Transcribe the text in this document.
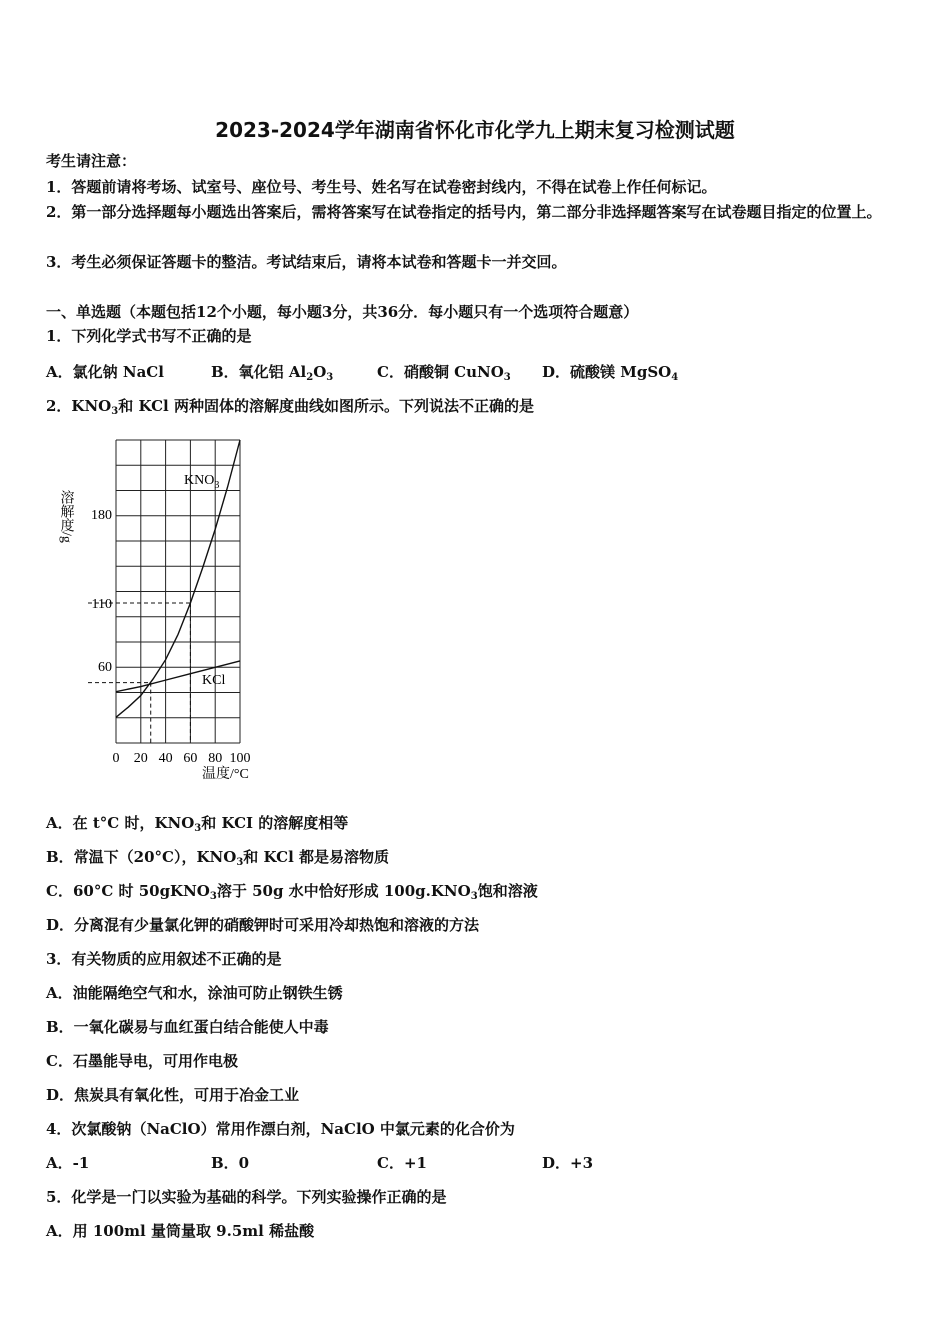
2023-2024学年湖南省怀化市化学九上期末复习检测试题
考生请注意：
1．答题前请将考场、试室号、座位号、考生号、姓名写在试卷密封线内，不得在试卷上作任何标记。
2．第一部分选择题每小题选出答案后，需将答案写在试卷指定的括号内，第二部分非选择题答案写在试卷题目指定的位置上。
3．考生必须保证答题卡的整洁。考试结束后，请将本试卷和答题卡一并交回。
一、单选题（本题包括12个小题，每小题3分，共36分．每小题只有一个选项符合题意）
1．下列化学式书写不正确的是
A．氯化钠 NaCl	B．氧化铝 $Al_2O_3$	C．硝酸铜 CuNO$_3$ D．硫酸镁 MgSO$_4$
2．$KNO_3$和 KCl 两种固体的溶解度曲线如图所示。下列说法不正确的是
0 20 40 60 80 100
60
110
180
溶解度/g
温度/°C
$KNO_3$
KCl
A．在 t°C 时，$KNO_3$和 KCI 的溶解度相等
B．常温下（20°C），$KNO_3$和 KCl 都是易溶物质
C．60°C 时 50gKNO$_3$溶于 50g 水中恰好形成 $100g.KNO_3$饱和溶液
D．分离混有少量氯化钾的硝酸钾时可采用冷却热饱和溶液的方法
3．有关物质的应用叙述不正确的是
A．油能隔绝空气和水，涂油可防止钢铁生锈
B．一氧化碳易与血红蛋白结合能使人中毒
C．石墨能导电，可用作电极
D．焦炭具有氧化性，可用于冶金工业
4．次氯酸钠（NaClO）常用作漂白剂，NaClO 中氯元素的化合价为
A．-1	B．0	C．+1	D．+3
5．化学是一门以实验为基础的科学。下列实验操作正确的是
A．用 100ml 量筒量取 9.5ml 稀盐酸
